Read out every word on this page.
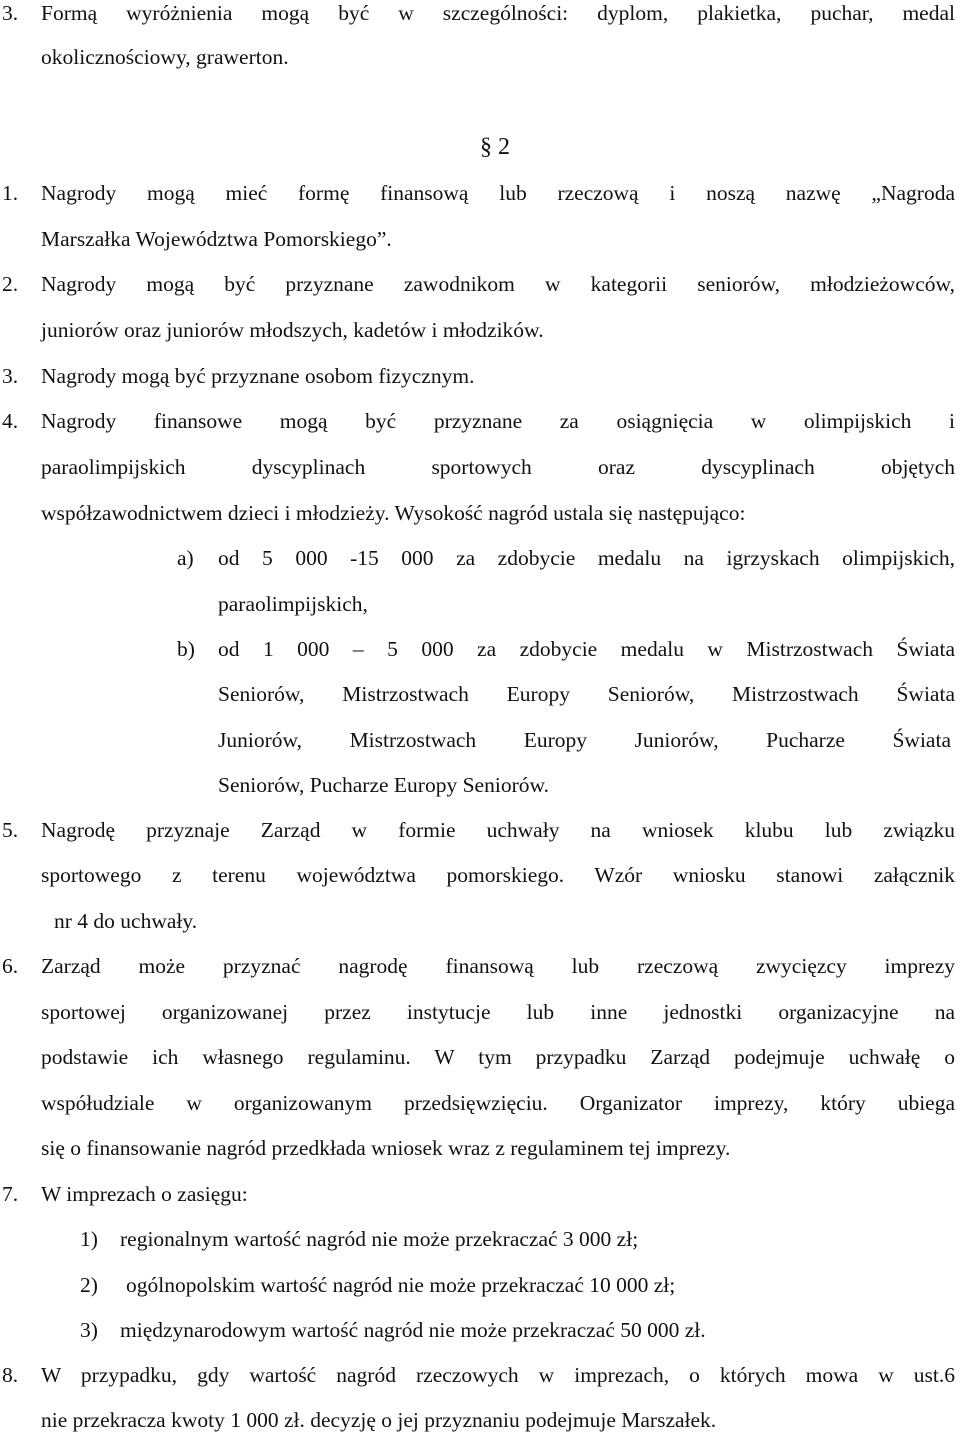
3. Formą wyróżnienia mogą być w szczególności: dyplom, plakietka, puchar, medal
okolicznościowy, grawerton.
§ 2
1. Nagrody mogą mieć formę finansową lub rzeczową i noszą nazwę „Nagroda
Marszałka Województwa Pomorskiego”.
2. Nagrody mogą być przyznane zawodnikom w kategorii seniorów, młodzieżowców,
juniorów oraz juniorów młodszych, kadetów i młodzików.
3. Nagrody mogą być przyznane osobom fizycznym.
4. Nagrody finansowe mogą być przyznane za osiągnięcia w olimpijskich i
paraolimpijskich dyscyplinach sportowych oraz dyscyplinach objętych
współzawodnictwem dzieci i młodzieży. Wysokość nagród ustala się następująco:
a) od 5 000 -15 000 za zdobycie medalu na igrzyskach olimpijskich,
paraolimpijskich,
b) od 1 000 – 5 000 za zdobycie medalu w Mistrzostwach Świata
Seniorów, Mistrzostwach Europy Seniorów, Mistrzostwach Świata
Juniorów, Mistrzostwach Europy Juniorów, Pucharze Świata
Seniorów, Pucharze Europy Seniorów.
5. Nagrodę przyznaje Zarząd w formie uchwały na wniosek klubu lub związku
sportowego z terenu województwa pomorskiego. Wzór wniosku stanowi załącznik
nr 4 do uchwały.
6. Zarząd może przyznać nagrodę finansową lub rzeczową zwycięzcy imprezy
sportowej organizowanej przez instytucje lub inne jednostki organizacyjne na
podstawie ich własnego regulaminu. W tym przypadku Zarząd podejmuje uchwałę o
współudziale w organizowanym przedsięwzięciu. Organizator imprezy, który ubiega
się o finansowanie nagród przedkłada wniosek wraz z regulaminem tej imprezy.
7. W imprezach o zasięgu:
1) regionalnym wartość nagród nie może przekraczać 3 000 zł;
2) ogólnopolskim wartość nagród nie może przekraczać 10 000 zł;
3) międzynarodowym wartość nagród nie może przekraczać 50 000 zł.
8. W przypadku, gdy wartość nagród rzeczowych w imprezach, o których mowa w ust.6
nie przekracza kwoty 1 000 zł. decyzję o jej przyznaniu podejmuje Marszałek.
